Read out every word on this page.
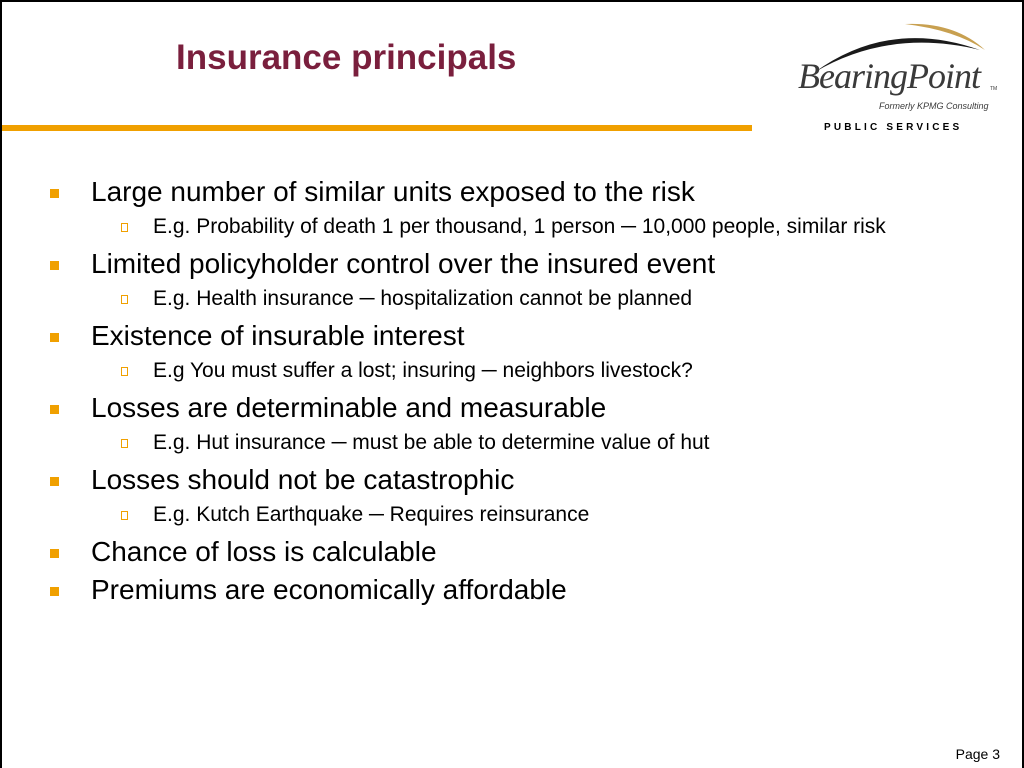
Insurance principals	BearingPoint TM
Formerly KPMG Consulting
PUBLIC SERVICES
Large number of similar units exposed to the risk
E.g. Probability of death 1 per thousand, 1 person ─ 10,000 people, similar risk
Limited policyholder control over the insured event
E.g. Health insurance ─ hospitalization cannot be planned
Existence of insurable interest
E.g You must suffer a lost; insuring ─ neighbors livestock?
Losses are determinable and measurable
E.g. Hut insurance ─ must be able to determine value of hut
Losses should not be catastrophic
E.g. Kutch Earthquake ─ Requires reinsurance
Chance of loss is calculable
Premiums are economically affordable
Page 3
